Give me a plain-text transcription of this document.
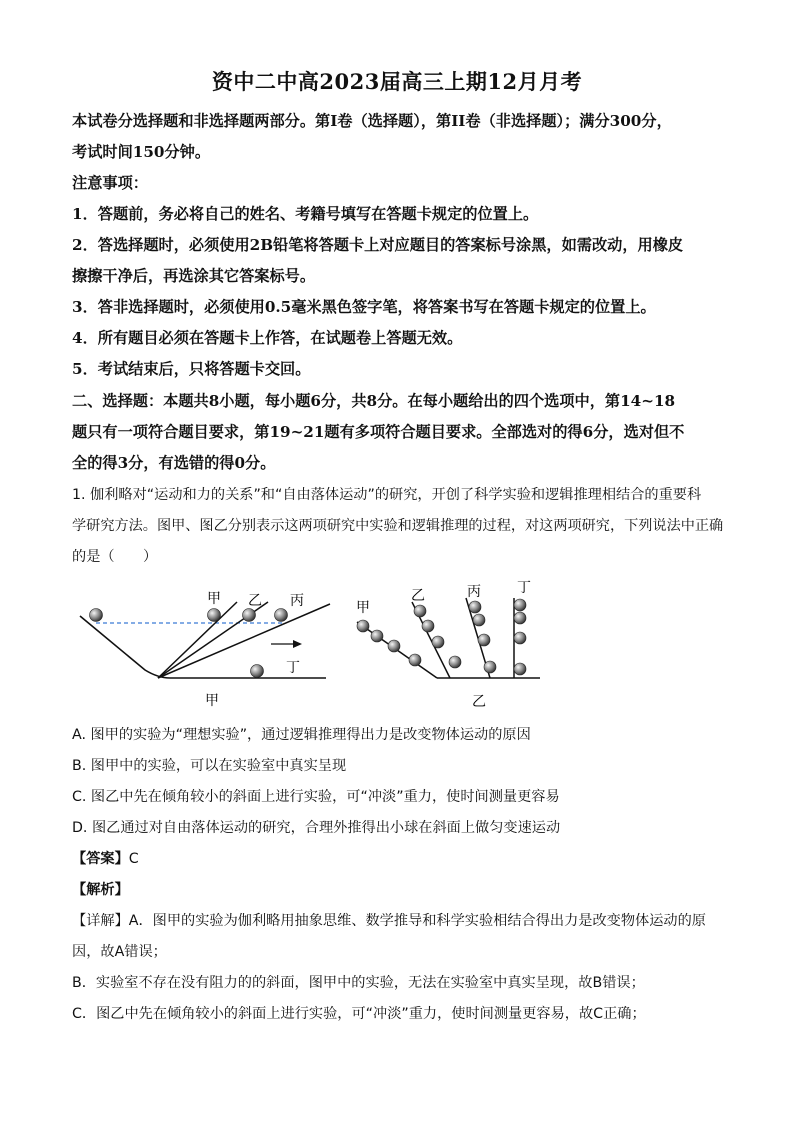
资中二中高2023届高三上期12月月考
本试卷分选择题和非选择题两部分。第I卷（选择题），第II卷（非选择题）；满分300分，
考试时间150分钟。
注意事项：
1．答题前，务必将自己的姓名、考籍号填写在答题卡规定的位置上。
2．答选择题时，必须使用2B铅笔将答题卡上对应题目的答案标号涂黑，如需改动，用橡皮
擦擦干净后，再选涂其它答案标号。
3．答非选择题时，必须使用0.5毫米黑色签字笔，将答案书写在答题卡规定的位置上。
4．所有题目必须在答题卡上作答，在试题卷上答题无效。
5．考试结束后，只将答题卡交回。
二、选择题：本题共8小题，每小题6分，共8分。在每小题给出的四个选项中，第14~18
题只有一项符合题目要求，第19~21题有多项符合题目要求。全部选对的得6分，选对但不
全的得3分，有选错的得0分。
1. 伽利略对“运动和力的关系”和“自由落体运动”的研究，开创了科学实验和逻辑推理相结合的重要科
学研究方法。图甲、图乙分别表示这两项研究中实验和逻辑推理的过程，对这两项研究，下列说法中正确
的是（　　）
甲 乙 丙
丁
甲
甲
乙	丙	丁
乙
A. 图甲的实验为“理想实验”，通过逻辑推理得出力是改变物体运动的原因
B. 图甲中的实验，可以在实验室中真实呈现
C. 图乙中先在倾角较小的斜面上进行实验，可“冲淡”重力，使时间测量更容易
D. 图乙通过对自由落体运动的研究，合理外推得出小球在斜面上做匀变速运动
【答案】C
【解析】
【详解】A．图甲的实验为伽利略用抽象思维、数学推导和科学实验相结合得出力是改变物体运动的原
因，故A错误；
B．实验室不存在没有阻力的的斜面，图甲中的实验，无法在实验室中真实呈现，故B错误；
C．图乙中先在倾角较小的斜面上进行实验，可“冲淡”重力，使时间测量更容易，故C正确；
